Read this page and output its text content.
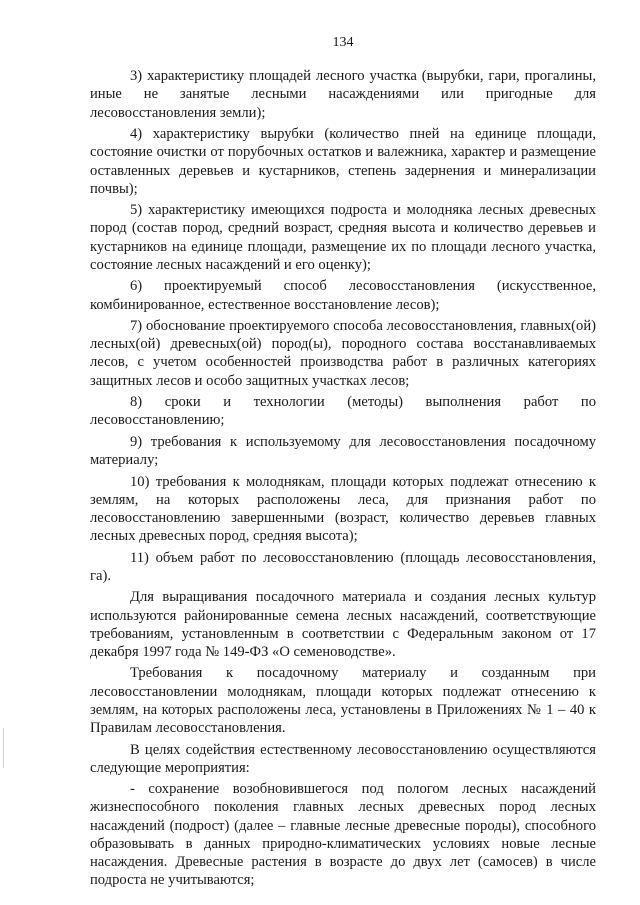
134

3) характеристику площадей лесного участка (вырубки, гари, прогалины, иные не занятые лесными насаждениями или пригодные для лесовосстановления земли);

4) характеристику вырубки (количество пней на единице площади, состояние очистки от порубочных остатков и валежника, характер и размещение оставленных деревьев и кустарников, степень задернения и минерализации почвы);

5) характеристику имеющихся подроста и молодняка лесных древесных пород (состав пород, средний возраст, средняя высота и количество деревьев и кустарников на единице площади, размещение их по площади лесного участка, состояние лесных насаждений и его оценку);

6) проектируемый способ лесовосстановления (искусственное, комбинированное, естественное восстановление лесов);

7) обоснование проектируемого способа лесовосстановления, главных(ой) лесных(ой) древесных(ой) пород(ы), породного состава восстанавливаемых лесов, с учетом особенностей производства работ в различных категориях защитных лесов и особо защитных участках лесов;

8) сроки и технологии (методы) выполнения работ по лесовосстановлению;

9) требования к используемому для лесовосстановления посадочному материалу;

10) требования к молоднякам, площади которых подлежат отнесению к землям, на которых расположены леса, для признания работ по лесовосстановлению завершенными (возраст, количество деревьев главных лесных древесных пород, средняя высота);

11) объем работ по лесовосстановлению (площадь лесовосстановления, га).

Для выращивания посадочного материала и создания лесных культур используются районированные семена лесных насаждений, соответствующие требованиям, установленным в соответствии с Федеральным законом от 17 декабря 1997 года № 149-ФЗ «О семеноводстве».

Требования к посадочному материалу и созданным при лесовосстановлении молоднякам, площади которых подлежат отнесению к землям, на которых расположены леса, установлены в Приложениях № 1 – 40 к Правилам лесовосстановления.

В целях содействия естественному лесовосстановлению осуществляются следующие мероприятия:

- сохранение возобновившегося под пологом лесных насаждений жизнеспособного поколения главных лесных древесных пород лесных насаждений (подрост) (далее – главные лесные древесные породы), способного образовывать в данных природно-климатических условиях новые лесные насаждения. Древесные растения в возрасте до двух лет (самосев) в числе подроста не учитываются;
